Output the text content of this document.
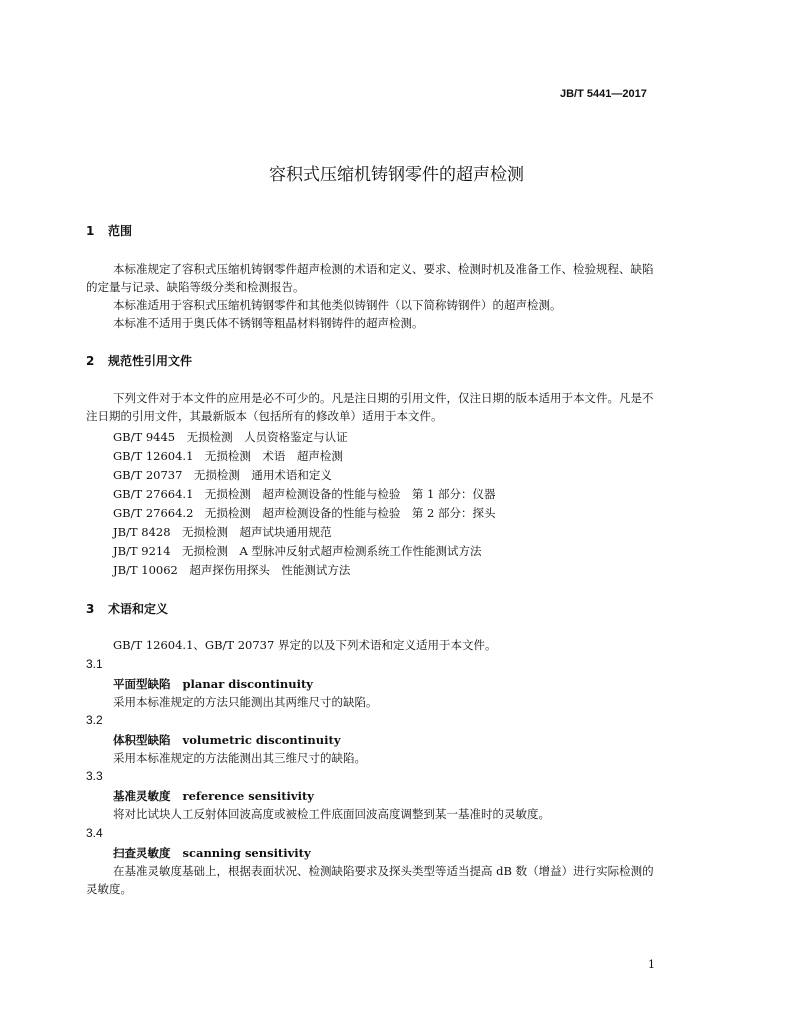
JB/T 5441—2017
容积式压缩机铸钢零件的超声检测
1 范围
本标准规定了容积式压缩机铸钢零件超声检测的术语和定义、要求、检测时机及准备工作、检验规程、缺陷的定量与记录、缺陷等级分类和检测报告。
本标准适用于容积式压缩机铸钢零件和其他类似铸钢件（以下简称铸钢件）的超声检测。
本标准不适用于奥氏体不锈钢等粗晶材料钢铸件的超声检测。
2 规范性引用文件
下列文件对于本文件的应用是必不可少的。凡是注日期的引用文件，仅注日期的版本适用于本文件。凡是不注日期的引用文件，其最新版本（包括所有的修改单）适用于本文件。
GB/T 9445　无损检测　人员资格鉴定与认证
GB/T 12604.1　无损检测　术语　超声检测
GB/T 20737　无损检测　通用术语和定义
GB/T 27664.1　无损检测　超声检测设备的性能与检验　第 1 部分：仪器
GB/T 27664.2　无损检测　超声检测设备的性能与检验　第 2 部分：探头
JB/T 8428　无损检测　超声试块通用规范
JB/T 9214　无损检测　A 型脉冲反射式超声检测系统工作性能测试方法
JB/T 10062　超声探伤用探头　性能测试方法
3 术语和定义
GB/T 12604.1、GB/T 20737 界定的以及下列术语和定义适用于本文件。
3.1
平面型缺陷 planar discontinuity
采用本标准规定的方法只能测出其两维尺寸的缺陷。
3.2
体积型缺陷 volumetric discontinuity
采用本标准规定的方法能测出其三维尺寸的缺陷。
3.3
基准灵敏度 reference sensitivity
将对比试块人工反射体回波高度或被检工件底面回波高度调整到某一基准时的灵敏度。
3.4
扫查灵敏度 scanning sensitivity
在基准灵敏度基础上，根据表面状况、检测缺陷要求及探头类型等适当提高 dB 数（增益）进行实际检测的灵敏度。
1
